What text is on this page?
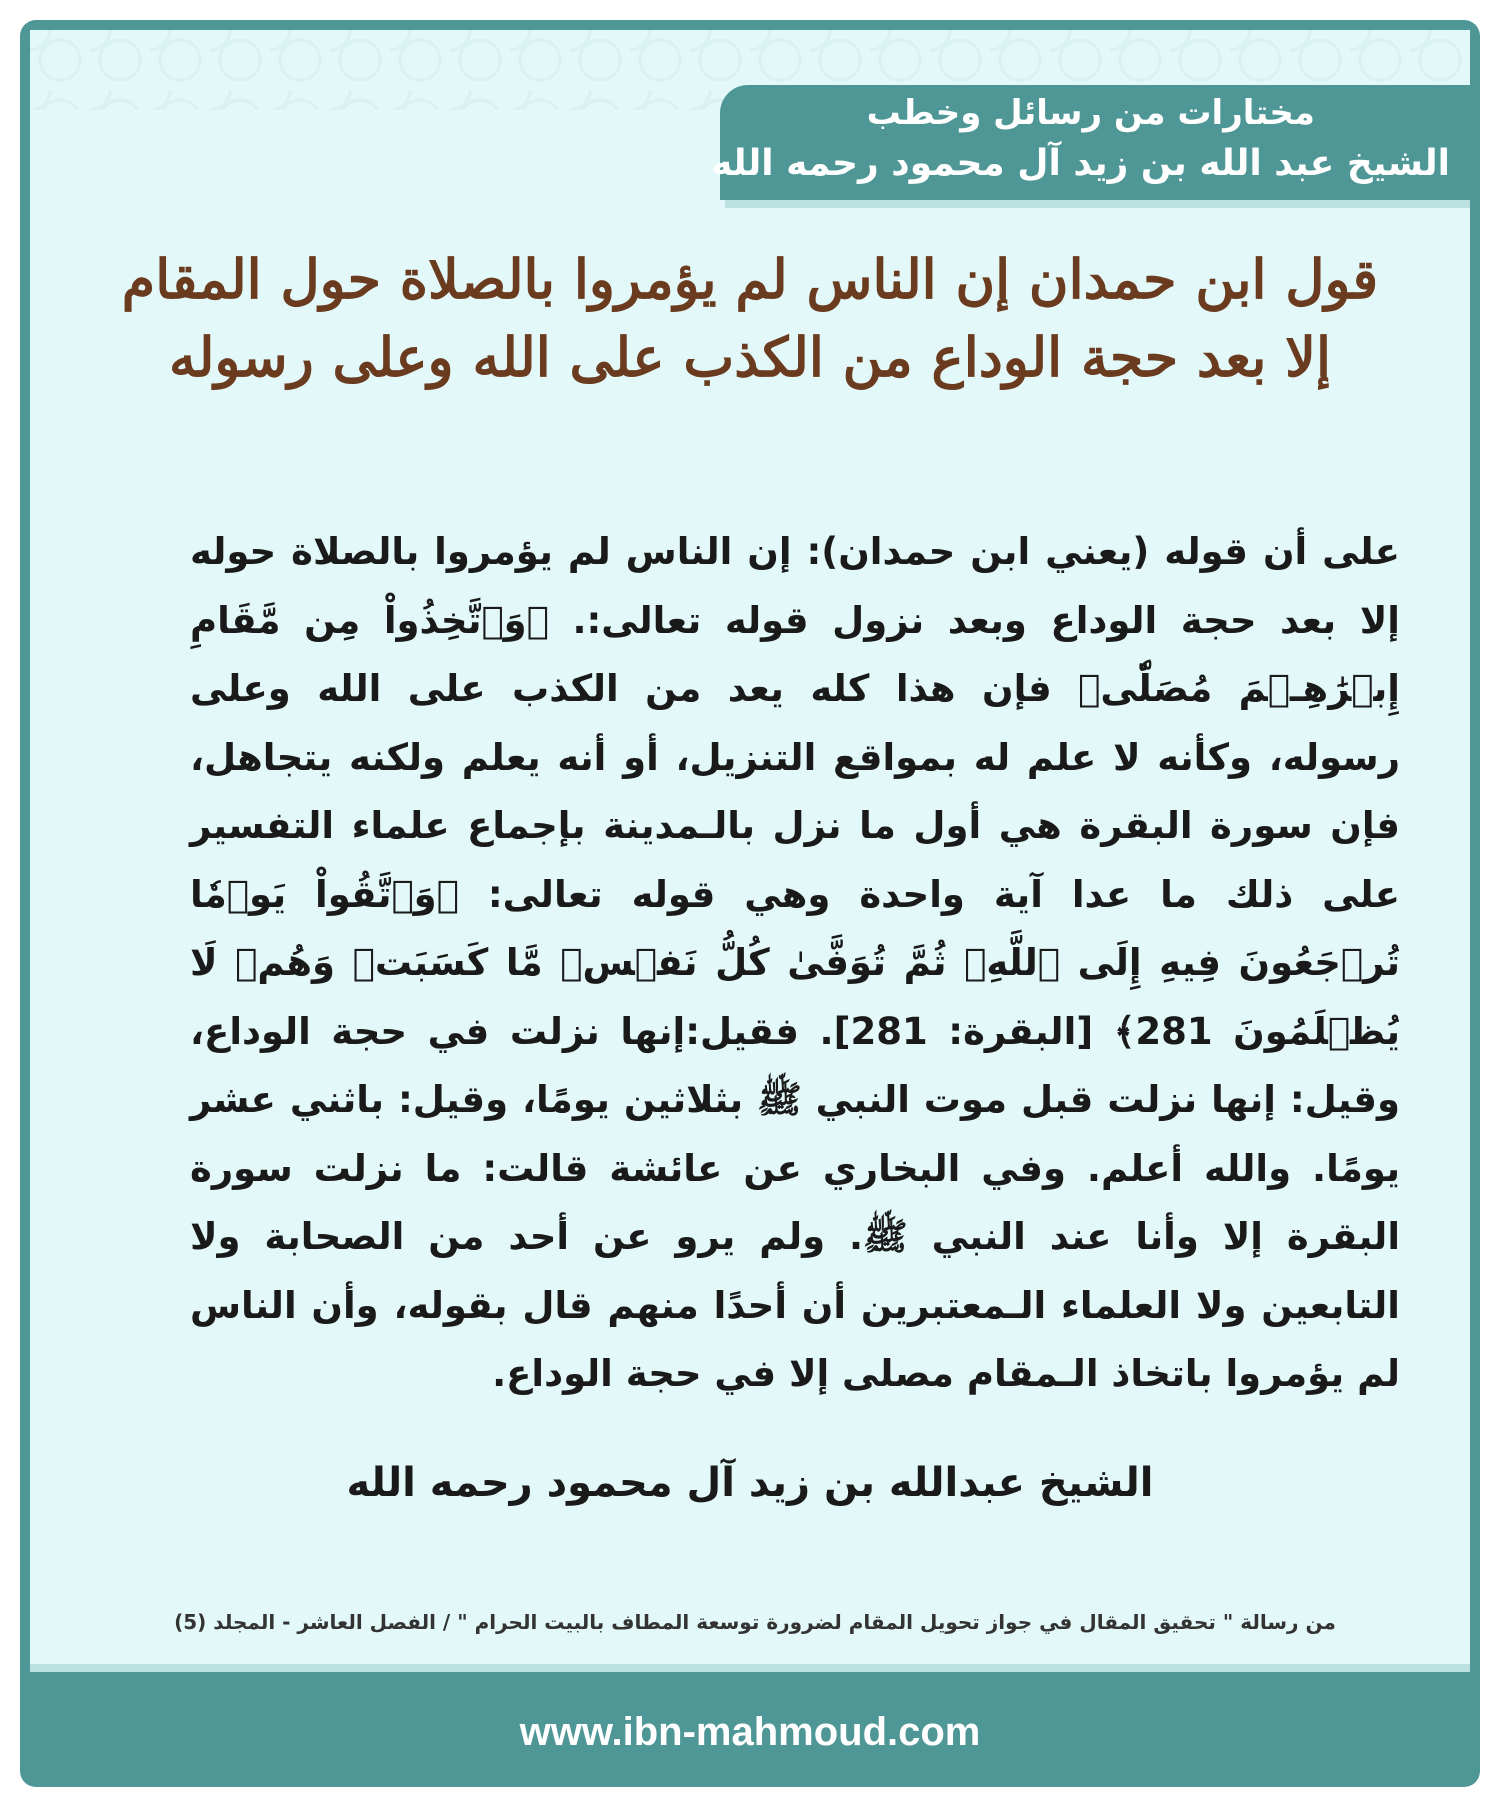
مختارات من رسائل وخطب
الشيخ عبد الله بن زيد آل محمود رحمه الله
قول ابن حمدان إن الناس لم يؤمروا بالصلاة حول المقام إلا بعد حجة الوداع من الكذب على الله وعلى رسوله
على أن قوله (يعني ابن حمدان): إن الناس لم يؤمروا بالصلاة حوله إلا بعد حجة الوداع وبعد نزول قوله تعالى:. ﴿وَٱتَّخِذُواْ مِن مَّقَامِ إِبۡرَٰهِـۧمَ مُصَلّٗى﴾ فإن هذا كله يعد من الكذب على الله وعلى رسوله، وكأنه لا علم له بمواقع التنزيل، أو أنه يعلم ولكنه يتجاهل، فإن سورة البقرة هي أول ما نزل بالـمدينة بإجماع علماء التفسير على ذلك ما عدا آية واحدة وهي قوله تعالى: ﴿وَٱتَّقُواْ يَوۡمٗا تُرۡجَعُونَ فِيهِ إِلَى ٱللَّهِۖ ثُمَّ تُوَفَّىٰ كُلُّ نَفۡسٖ مَّا كَسَبَتۡ وَهُمۡ لَا يُظۡلَمُونَ 281﴾ [البقرة: 281]. فقيل:إنها نزلت في حجة الوداع، وقيل: إنها نزلت قبل موت النبي ﷺ بثلاثين يومًا، وقيل: باثني عشر يومًا. والله أعلم. وفي البخاري عن عائشة قالت: ما نزلت سورة البقرة إلا وأنا عند النبي ﷺ. ولم يرو عن أحد من الصحابة ولا التابعين ولا العلماء الـمعتبرين أن أحدًا منهم قال بقوله، وأن الناس لم يؤمروا باتخاذ الـمقام مصلى إلا في حجة الوداع.
الشيخ عبدالله بن زيد آل محمود رحمه الله
من رسالة " تحقيق المقال في جواز تحويل المقام لضرورة توسعة المطاف بالبيت الحرام " / الفصل العاشر - المجلد (5)
www.ibn-mahmoud.com
